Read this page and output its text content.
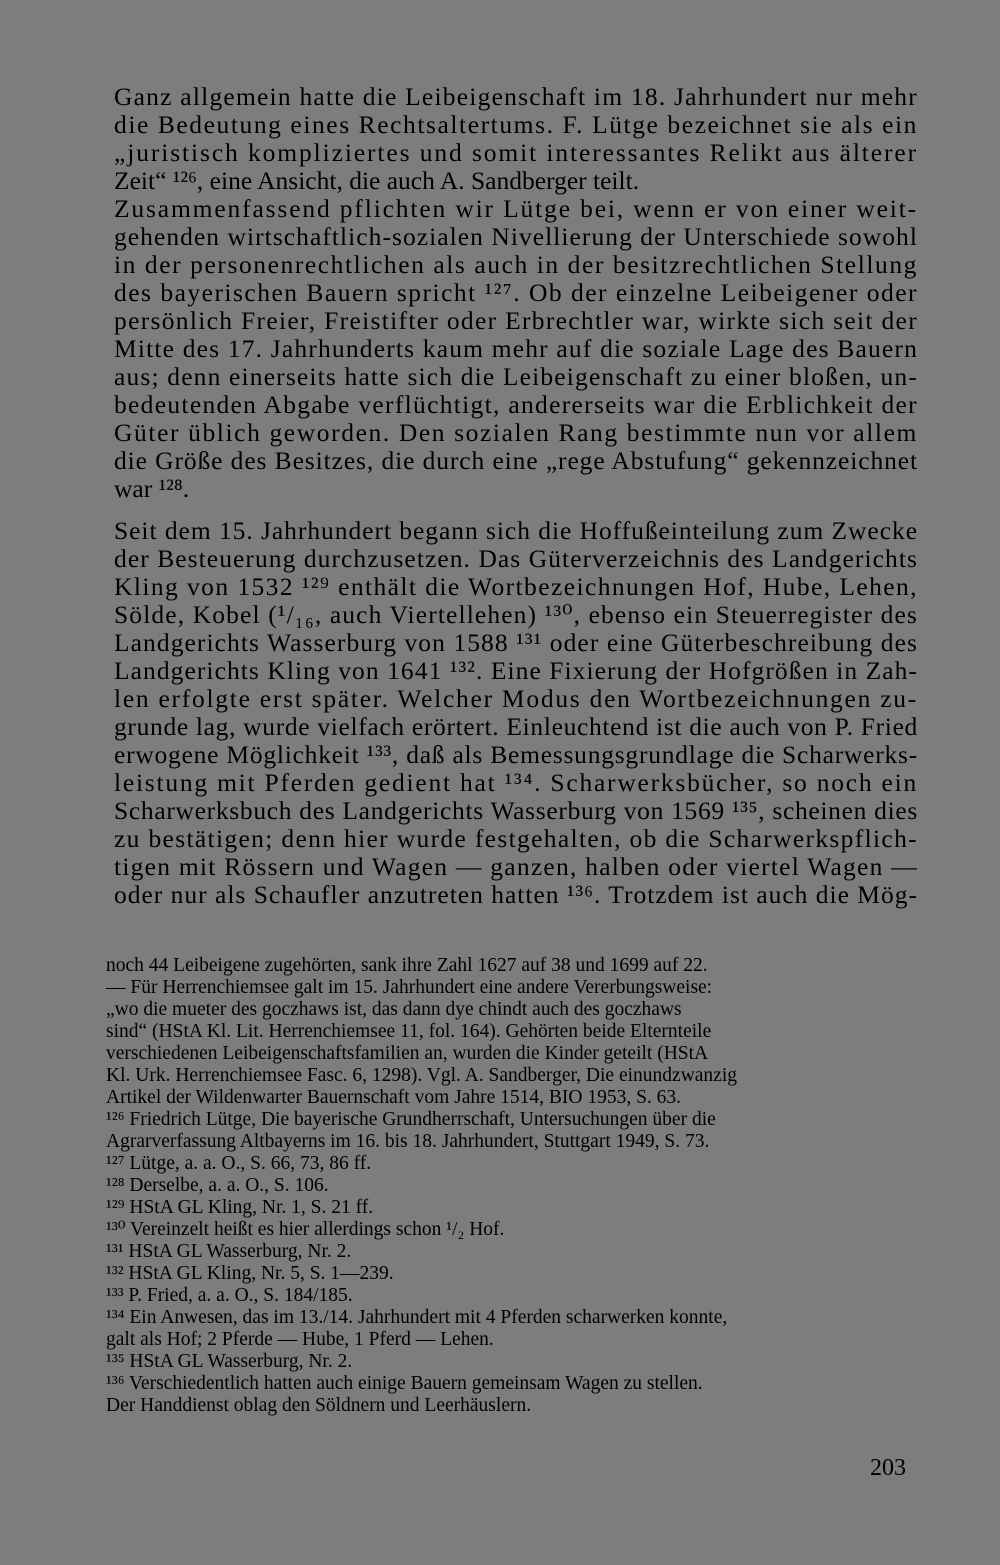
Ganz allgemein hatte die Leibeigenschaft im 18. Jahrhundert nur mehr
die Bedeutung eines Rechtsaltertums. F. Lütge bezeichnet sie als ein
„juristisch kompliziertes und somit interessantes Relikt aus älterer
Zeit“ ¹²⁶, eine Ansicht, die auch A. Sandberger teilt.
Zusammenfassend pflichten wir Lütge bei, wenn er von einer weit-
gehenden wirtschaftlich-sozialen Nivellierung der Unterschiede sowohl
in der personenrechtlichen als auch in der besitzrechtlichen Stellung
des bayerischen Bauern spricht ¹²⁷. Ob der einzelne Leibeigener oder
persönlich Freier, Freistifter oder Erbrechtler war, wirkte sich seit der
Mitte des 17. Jahrhunderts kaum mehr auf die soziale Lage des Bauern
aus; denn einerseits hatte sich die Leibeigenschaft zu einer bloßen, un-
bedeutenden Abgabe verflüchtigt, andererseits war die Erblichkeit der
Güter üblich geworden. Den sozialen Rang bestimmte nun vor allem
die Größe des Besitzes, die durch eine „rege Abstufung“ gekennzeichnet
war ¹²⁸.
Seit dem 15. Jahrhundert begann sich die Hoffußeinteilung zum Zwecke
der Besteuerung durchzusetzen. Das Güterverzeichnis des Landgerichts
Kling von 1532 ¹²⁹ enthält die Wortbezeichnungen Hof, Hube, Lehen,
Sölde, Kobel (¹/₁₆, auch Viertellehen) ¹³⁰, ebenso ein Steuerregister des
Landgerichts Wasserburg von 1588 ¹³¹ oder eine Güterbeschreibung des
Landgerichts Kling von 1641 ¹³². Eine Fixierung der Hofgrößen in Zah-
len erfolgte erst später. Welcher Modus den Wortbezeichnungen zu-
grunde lag, wurde vielfach erörtert. Einleuchtend ist die auch von P. Fried
erwogene Möglichkeit ¹³³, daß als Bemessungsgrundlage die Scharwerks-
leistung mit Pferden gedient hat ¹³⁴. Scharwerksbücher, so noch ein
Scharwerksbuch des Landgerichts Wasserburg von 1569 ¹³⁵, scheinen dies
zu bestätigen; denn hier wurde festgehalten, ob die Scharwerkspflich-
tigen mit Rössern und Wagen — ganzen, halben oder viertel Wagen —
oder nur als Schaufler anzutreten hatten ¹³⁶. Trotzdem ist auch die Mög-
noch 44 Leibeigene zugehörten, sank ihre Zahl 1627 auf 38 und 1699 auf 22.
— Für Herrenchiemsee galt im 15. Jahrhundert eine andere Vererbungsweise:
„wo die mueter des goczhaws ist, das dann dye chindt auch des goczhaws
sind“ (HStA Kl. Lit. Herrenchiemsee 11, fol. 164). Gehörten beide Elternteile
verschiedenen Leibeigenschaftsfamilien an, wurden die Kinder geteilt (HStA
Kl. Urk. Herrenchiemsee Fasc. 6, 1298). Vgl. A. Sandberger, Die einundzwanzig
Artikel der Wildenwarter Bauernschaft vom Jahre 1514, BIO 1953, S. 63.
¹²⁶ Friedrich Lütge, Die bayerische Grundherrschaft, Untersuchungen über die
Agrarverfassung Altbayerns im 16. bis 18. Jahrhundert, Stuttgart 1949, S. 73.
¹²⁷ Lütge, a. a. O., S. 66, 73, 86 ff.
¹²⁸ Derselbe, a. a. O., S. 106.
¹²⁹ HStA GL Kling, Nr. 1, S. 21 ff.
¹³⁰ Vereinzelt heißt es hier allerdings schon ¹/₂ Hof.
¹³¹ HStA GL Wasserburg, Nr. 2.
¹³² HStA GL Kling, Nr. 5, S. 1—239.
¹³³ P. Fried, a. a. O., S. 184/185.
¹³⁴ Ein Anwesen, das im 13./14. Jahrhundert mit 4 Pferden scharwerken konnte,
galt als Hof; 2 Pferde — Hube, 1 Pferd — Lehen.
¹³⁵ HStA GL Wasserburg, Nr. 2.
¹³⁶ Verschiedentlich hatten auch einige Bauern gemeinsam Wagen zu stellen.
Der Handdienst oblag den Söldnern und Leerhäuslern.
203
